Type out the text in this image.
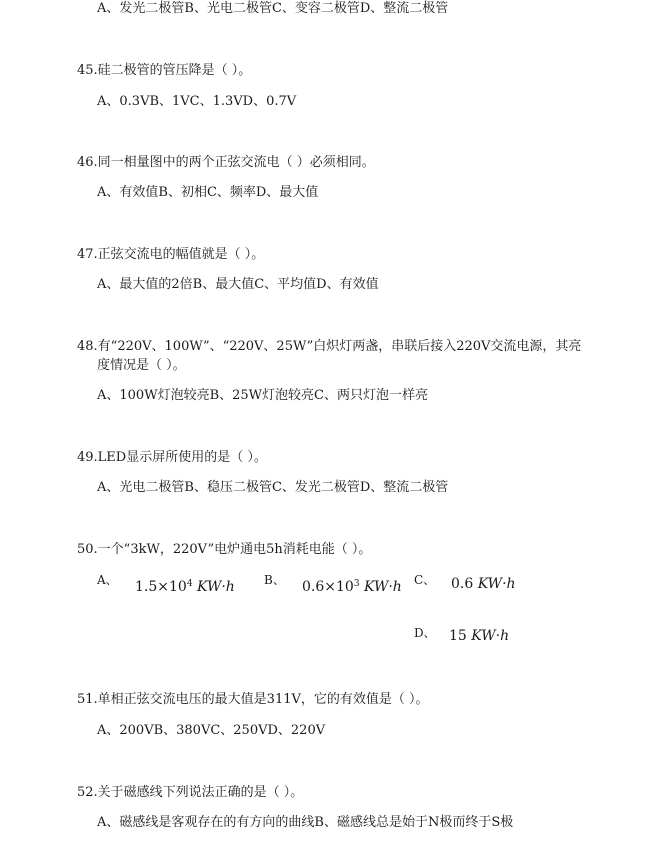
A、发光二极管B、光电二极管C、变容二极管D、整流二极管
45.硅二极管的管压降是（ ）。
A、0.3VB、1VC、1.3VD、0.7V
46.同一相量图中的两个正弦交流电（ ）必须相同。
A、有效值B、初相C、频率D、最大值
47.正弦交流电的幅值就是（ ）。
A、最大值的2倍B、最大值C、平均值D、有效值
48.有“220V、100W”、“220V、25W”白炽灯两盏，串联后接入220V交流电源，其亮
度情况是（ ）。
A、100W灯泡较亮B、25W灯泡较亮C、两只灯泡一样亮
49.LED显示屏所使用的是（ ）。
A、光电二极管B、稳压二极管C、发光二极管D、整流二极管
50.一个“3kW，220V”电炉通电5h消耗电能（ ）。
A、 $1.5\times 10^4$ KW·h B、 $0.6\times 10^3$ KW·h C、 0.6 KW·h
D、 15 KW·h
51.单相正弦交流电压的最大值是311V，它的有效值是（ ）。
A、200VB、380VC、250VD、220V
52.关于磁感线下列说法正确的是（ ）。
A、磁感线是客观存在的有方向的曲线B、磁感线总是始于N极而终于S极
